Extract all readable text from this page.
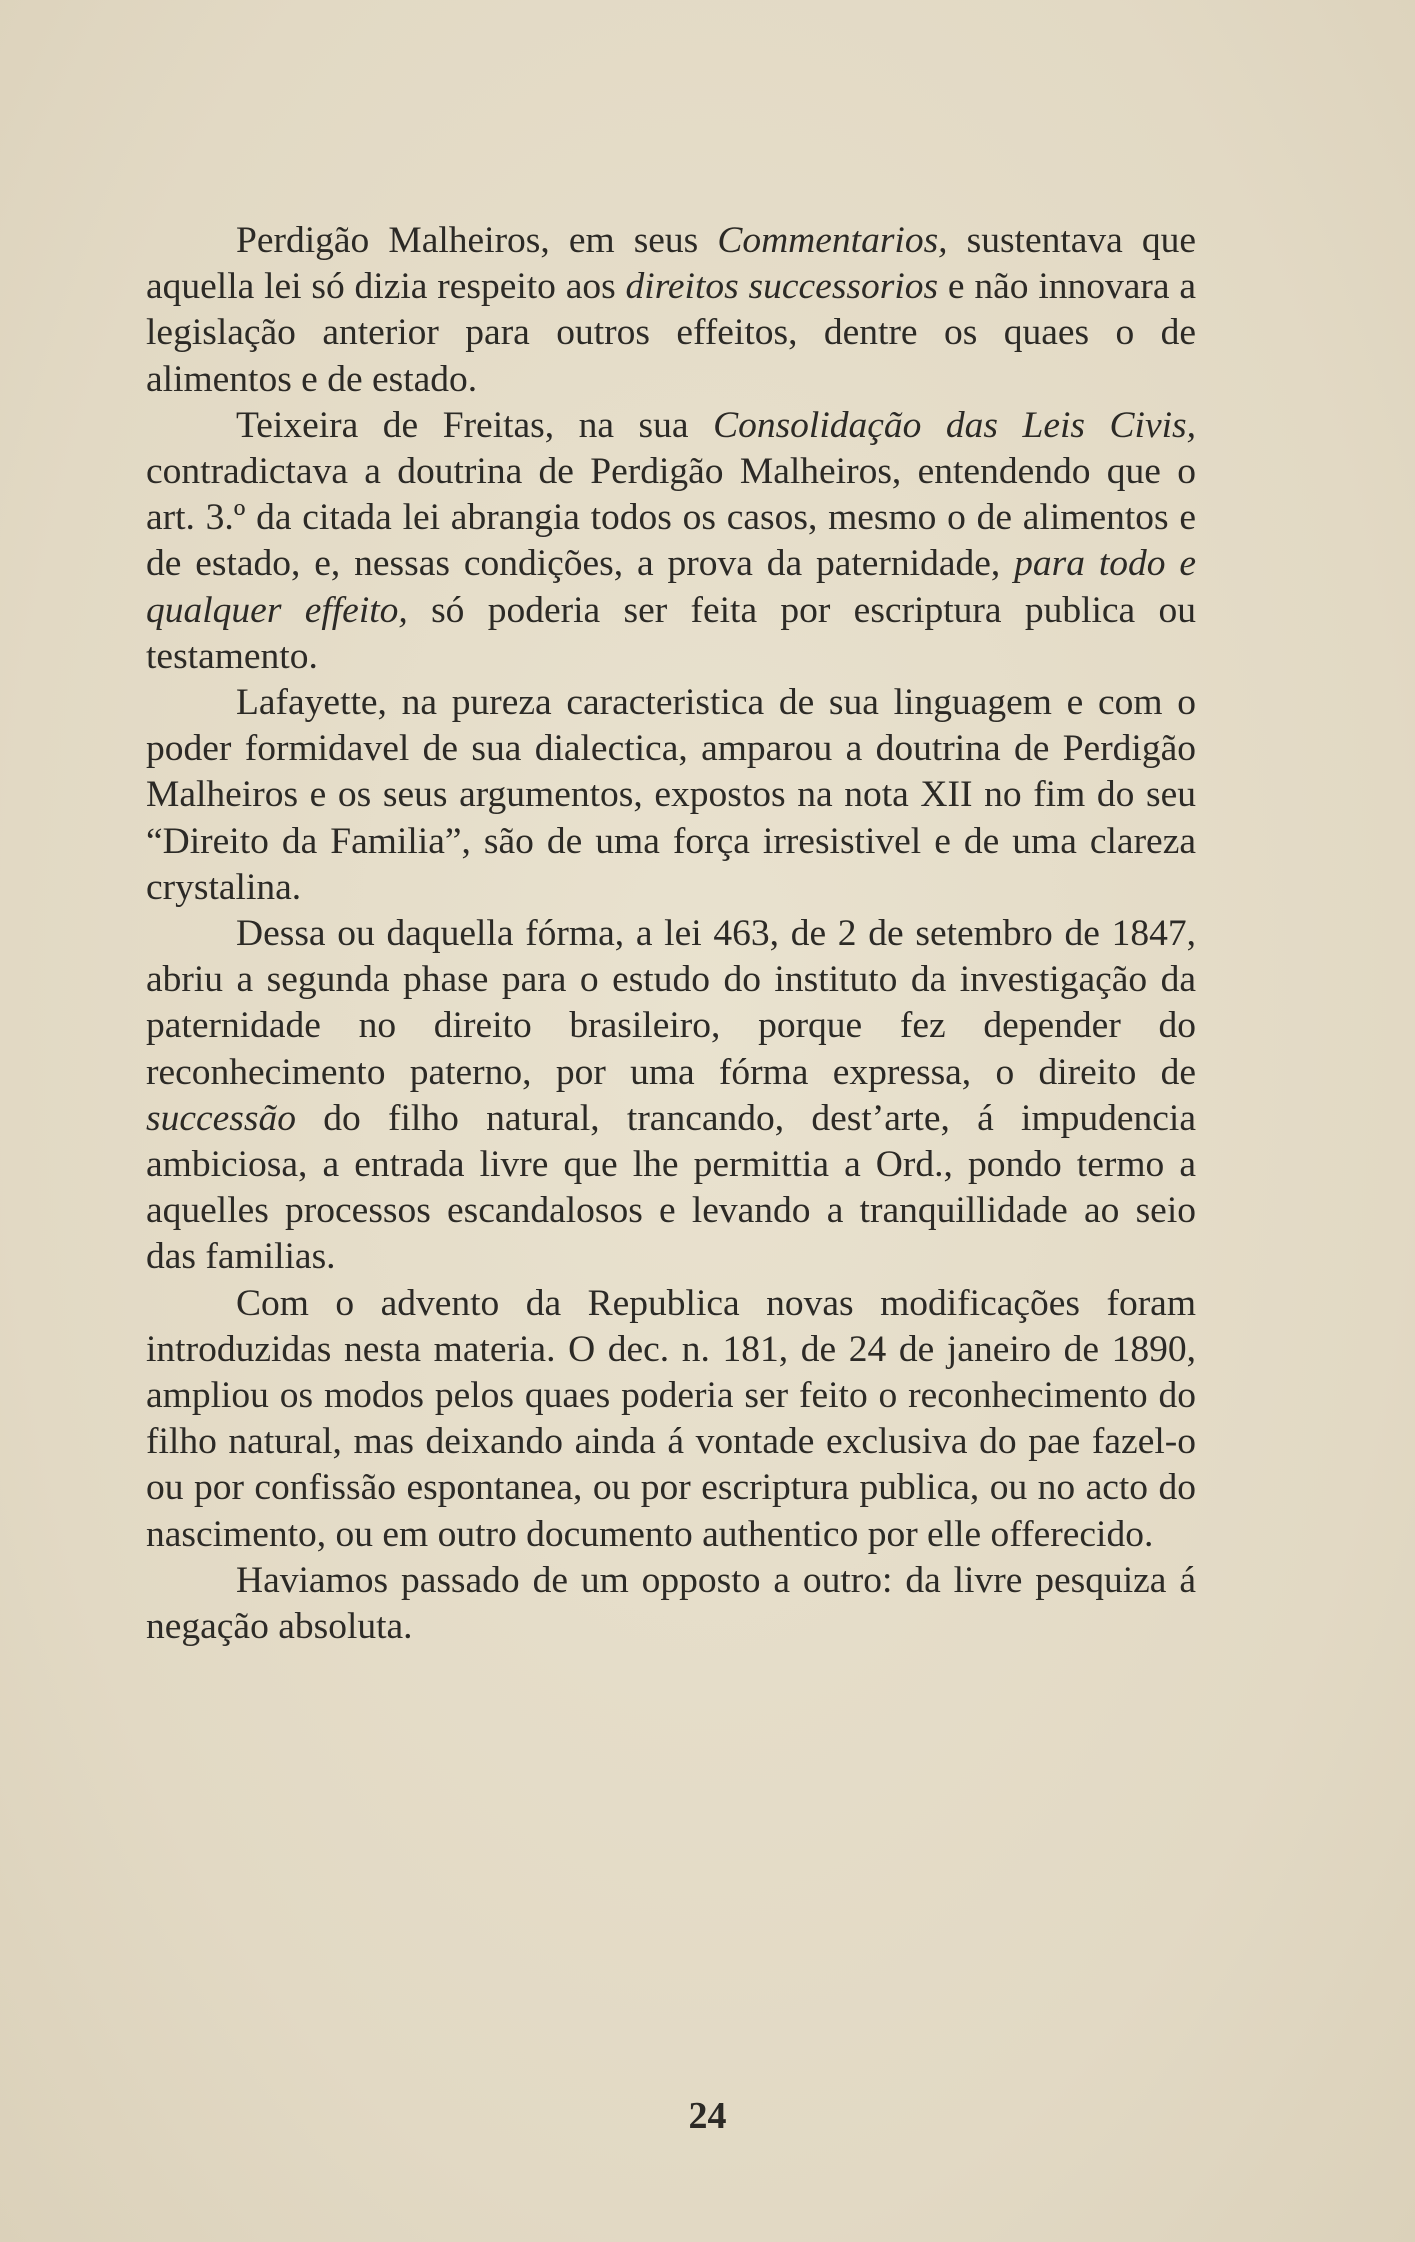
Perdigão Malheiros, em seus Commentarios, sustentava que aquella lei só dizia respeito aos direitos successorios e não innovara a legislação anterior para outros effeitos, dentre os quaes o de alimentos e de estado.

Teixeira de Freitas, na sua Consolidação das Leis Civis, contradictava a doutrina de Perdigão Malheiros, entendendo que o art. 3.º da citada lei abrangia todos os casos, mesmo o de alimentos e de estado, e, nessas condições, a prova da paternidade, para todo e qualquer effeito, só poderia ser feita por escriptura publica ou testamento.

Lafayette, na pureza caracteristica de sua linguagem e com o poder formidavel de sua dialectica, amparou a doutrina de Perdigão Malheiros e os seus argumentos, expostos na nota XII no fim do seu “Direito da Familia”, são de uma força irresistivel e de uma clareza crystalina.

Dessa ou daquella fórma, a lei 463, de 2 de setembro de 1847, abriu a segunda phase para o estudo do instituto da investigação da paternidade no direito brasileiro, porque fez depender do reconhecimento paterno, por uma fórma expressa, o direito de successão do filho natural, trancando, dest’arte, á impudencia ambiciosa, a entrada livre que lhe permittia a Ord., pondo termo a aquelles processos escandalosos e levando a tranquillidade ao seio das familias.

Com o advento da Republica novas modificações foram introduzidas nesta materia. O dec. n. 181, de 24 de janeiro de 1890, ampliou os modos pelos quaes poderia ser feito o reconhecimento do filho natural, mas deixando ainda á vontade exclusiva do pae fazel-o ou por confissão espontanea, ou por escriptura publica, ou no acto do nascimento, ou em outro documento authentico por elle offerecido.

Haviamos passado de um opposto a outro: da livre pesquiza á negação absoluta.

24
